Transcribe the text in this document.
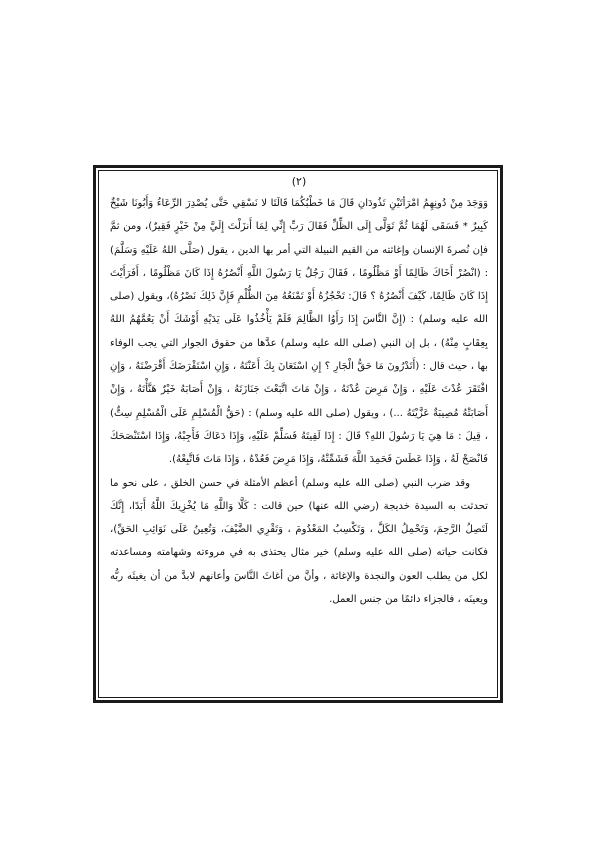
(٢)

وَوَجَدَ مِنْ دُونِهِمُ امْرَأتَيْنِ تَذُودَانِ قَالَ مَا خَطْبُكُمَا قَالَتَا لا نَسْقِي حَتَّى يُصْدِرَ الرِّعَاءُ وَأَبُونَا شَيْخٌ كَبِيرٌ * فَسَقَى لَهُمَا ثُمَّ تَوَلَّى إِلَى الظِّلِّ فَقَالَ رَبِّ إِنِّي لِمَا أَنزَلْتَ إِلَيَّ مِنْ خَيْرٍ فَقِيرٌ)، ومن ثمَّ فإن نُصرةَ الإنسان وإغاثته من القيم النبيلة التي أمر بها الدين ، يقول (صَلَّى اللهُ عَلَيْهِ وَسَلَّمَ) : (انْصُرْ أَخَاكَ ظَالِمًا أَوْ مَظْلُومًا ، فَقَالَ رَجُلٌ يَا رَسُولَ اللَّهِ أَنْصُرُهُ إِذَا كَانَ مَظْلُومًا ، أَفَرَأَيْتَ إِذَا كَانَ ظَالِمًا، كَيْفَ أَنْصُرُهُ ؟ قَالَ: تَحْجُزُهُ أَوْ تَمْنَعُهُ مِنَ الظُّلْمِ فَإِنَّ ذَلِكَ نَصْرُهُ)، ويقول (صلى الله عليه وسلم) : (إِنَّ النَّاسَ إِذَا رَأَوُا الظَّالِمَ فَلَمْ يَأْخُذُوا عَلَى يَدَيْهِ أَوْشَكَ أَنْ يَعُمَّهُمُ اللهُ بِعِقَابٍ مِنْهُ) ، بل إن النبي (صلى الله عليه وسلم) عدَّها من حقوق الجوار التي يجب الوفاء بها ، حيث قال : (أَتَدْرُونَ مَا حَقُّ الْجَارِ ؟ إِنِ اسْتَعَانَ بِكَ أَعَنْتَهُ ، وَإِنِ اسْتَقْرَضَكَ أَقْرَضْتَهُ ، وَإِنِ افْتَقَرَ عُدْتَ عَلَيْهِ ، وَإِنْ مَرِضَ عُدْتَهُ ، وَإِنْ مَاتَ اتَّبَعْتَ جَنَازَتَهُ ، وَإِنْ أَصَابَهُ خَيْرٌ هَنَّأْتَهُ ، وَإِنْ أَصَابَتْهُ مُصِيبَةٌ عَزَّيْتَهُ ...) ، ويقول (صلى الله عليه وسلم) : (حَقُّ الْمُسْلِمِ عَلَى الْمُسْلِمِ سِتٌّ) ، قِيلَ : مَا هِيَ يَا رَسُولَ اللهِ؟ قَالَ : إِذَا لَقِيتَهُ فَسَلِّمْ عَلَيْهِ، وَإِذَا دَعَاكَ فَأَجِبْهُ، وَإِذَا اسْتَنْصَحَكَ فَانْصَحْ لَهُ ، وَإِذَا عَطَسَ فَحَمِدَ اللَّهَ فَشَمِّتْهُ، وَإِذَا مَرِضَ فَعُدْهُ ، وَإِذَا مَاتَ فَاتَّبِعْهُ).

وقد ضرب النبي (صلى الله عليه وسلم) أعظم الأمثلة في حسن الخلق ، على نحو ما تحدثت به السيدة خديجة (رضي الله عنها) حين قالت : كَلَّا وَاللَّهِ مَا يُخْزِيكَ اللَّهُ أَبَدًا، إِنَّكَ لَتَصِلُ الرَّحِمَ، وَتَحْمِلُ الكَلَّ ، وَتَكْسِبُ المَعْدُومَ ، وَتَقْرِي الضَّيْفَ، وَتُعِينُ عَلَى نَوَائِبِ الحَقِّ)، فكانت حياته (صلى الله عليه وسلم) خير مثال يحتذى به في مروءته وشهامته ومساعدته لكل من يطلب العون والنجدة والإغاثة ، وأنَّ من أغاثَ النَّاسَ وأعانهم لابدَّ من أن يغيثَه ربُّه ويعينَه ، فالجزاء دائمًا من جنس العمل.
